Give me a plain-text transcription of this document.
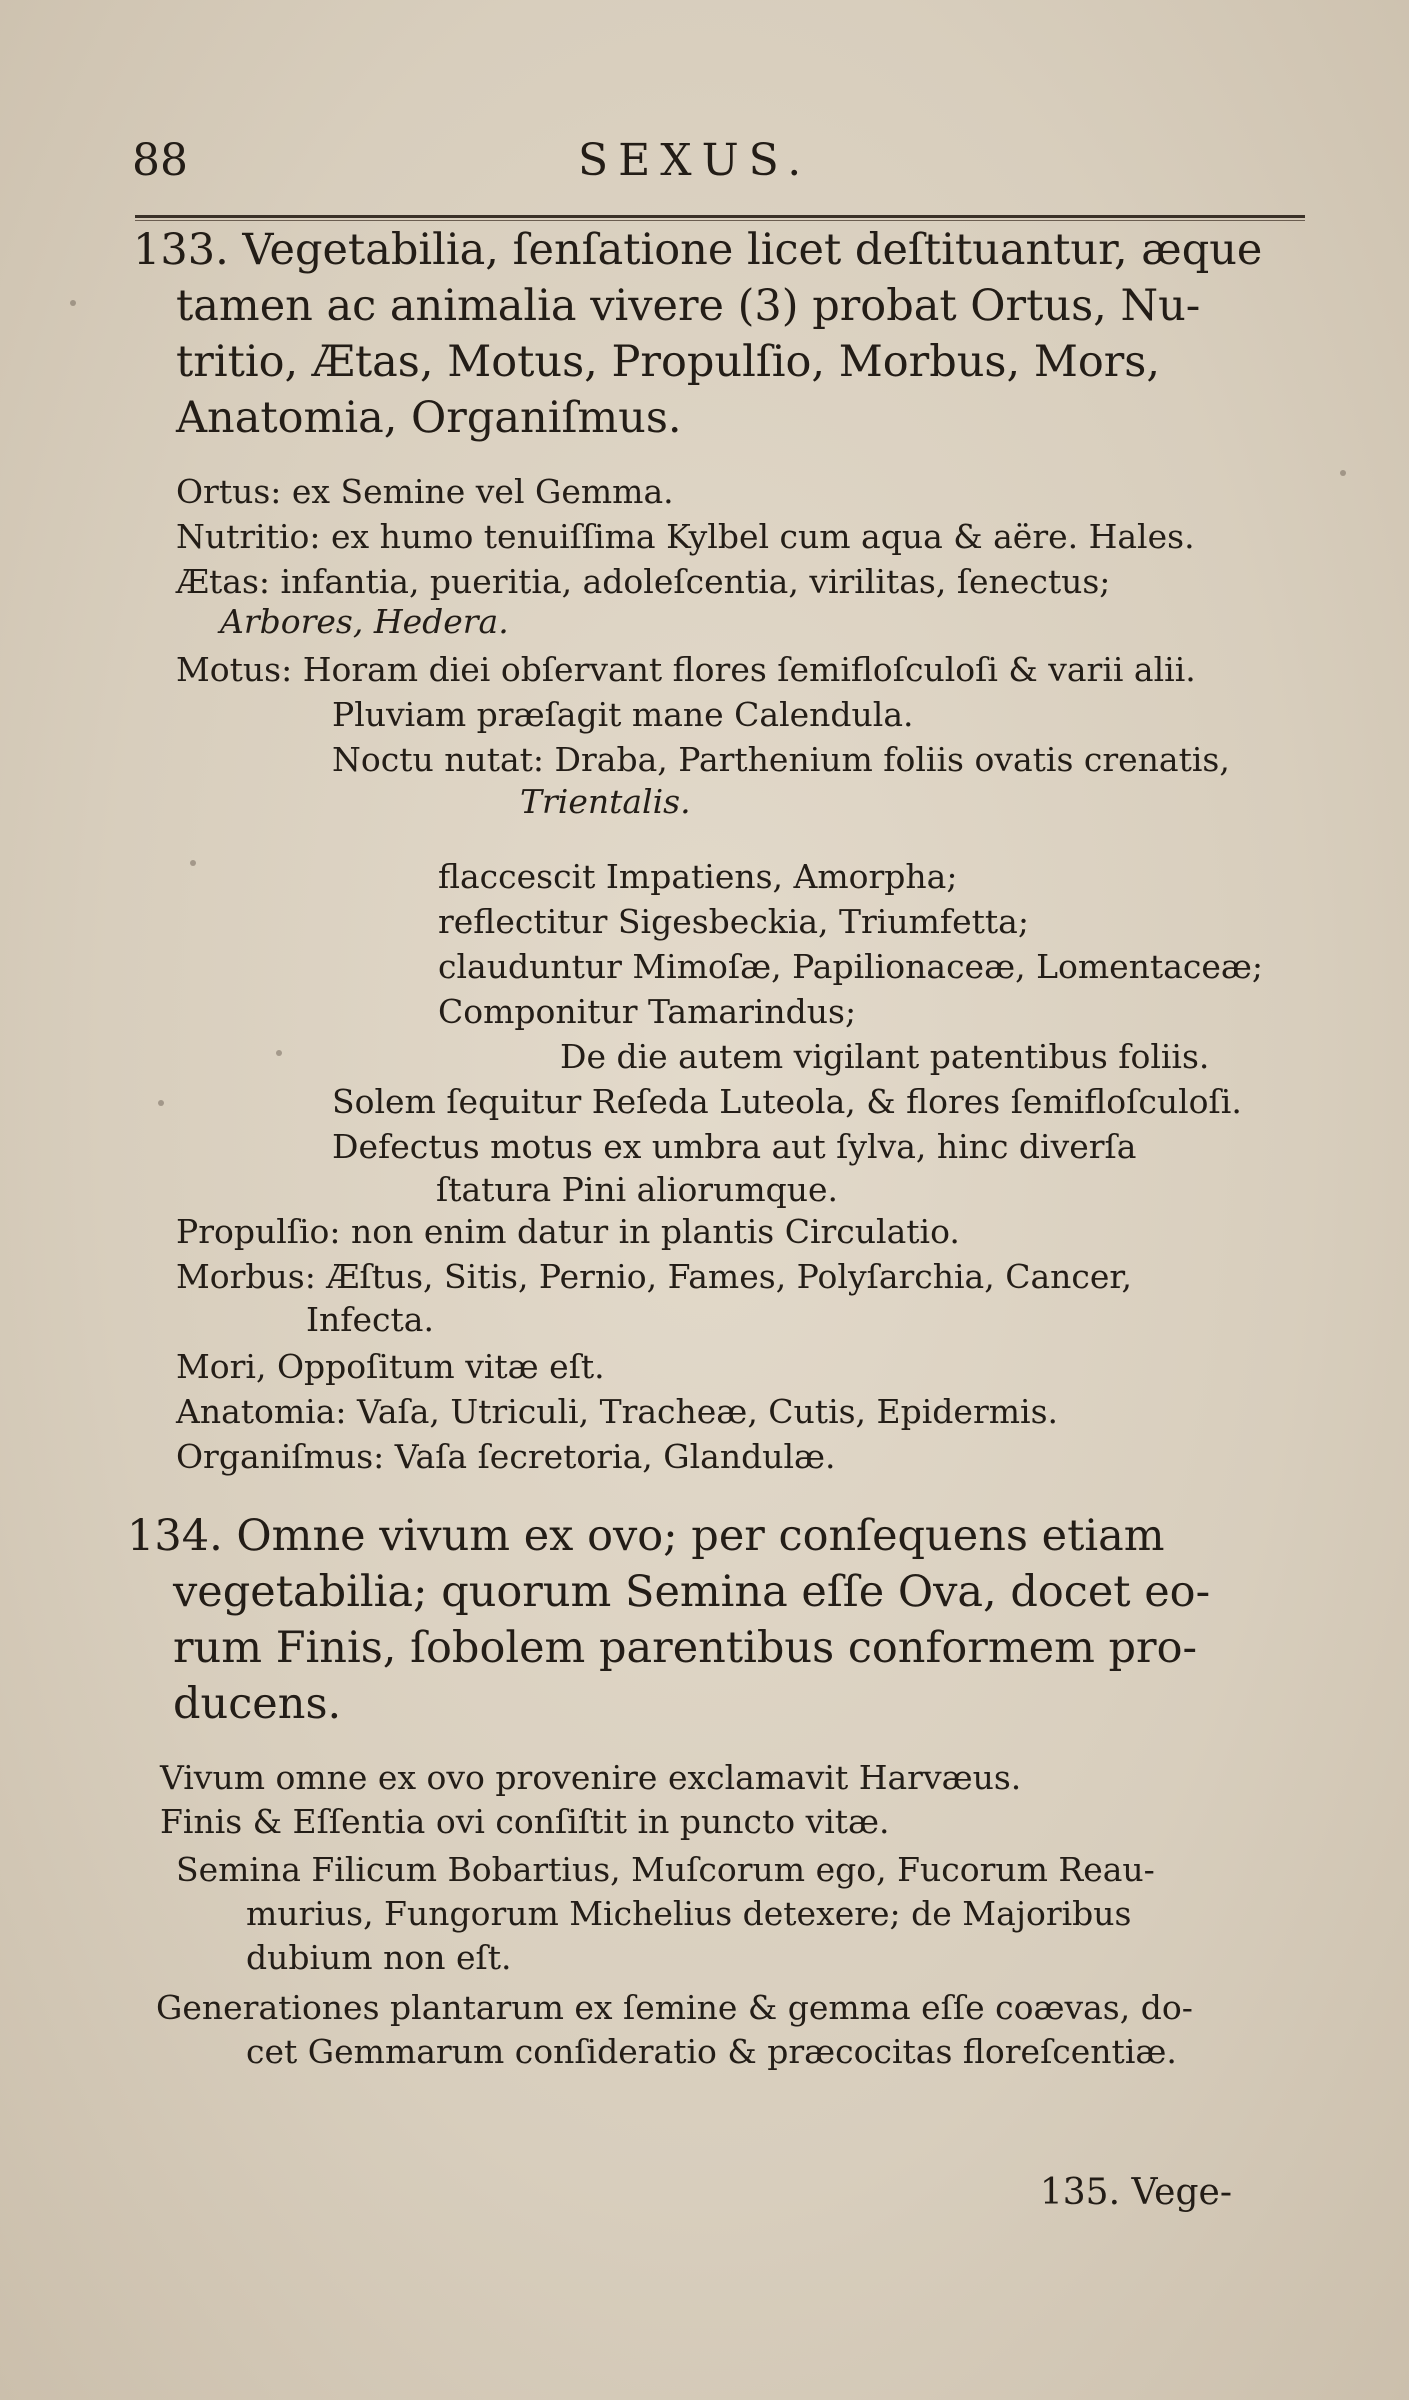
88	SEXUS.
133. Vegetabilia, ſenſatione licet deſtituantur, æque
tamen ac animalia vivere (3) probat Ortus, Nu-
tritio, Ætas, Motus, Propulſio, Morbus, Mors,
Anatomia, Organiſmus.
Ortus: ex Semine vel Gemma.
Nutritio: ex humo tenuiſſima Kylbel cum aqua & aëre. Hales.
Ætas: infantia, pueritia, adoleſcentia, virilitas, ſenectus;
Arbores, Hedera.
Motus: Horam diei obſervant flores ſemifloſculoſi & varii alii.
Pluviam præſagit mane Calendula.
Noctu nutat: Draba, Parthenium foliis ovatis crenatis,
Trientalis.
flaccescit Impatiens, Amorpha;
reflectitur Sigesbeckia, Triumfetta;
clauduntur Mimoſæ, Papilionaceæ, Lomentaceæ;
Componitur Tamarindus;
De die autem vigilant patentibus foliis.
Solem ſequitur Reſeda Luteola, & flores ſemifloſculoſi.
Defectus motus ex umbra aut ſylva, hinc diverſa
ſtatura Pini aliorumque.
Propulſio: non enim datur in plantis Circulatio.
Morbus: Æſtus, Sitis, Pernio, Fames, Polyſarchia, Cancer,
Infecta.
Mori, Oppoſitum vitæ eſt.
Anatomia: Vaſa, Utriculi, Tracheæ, Cutis, Epidermis.
Organiſmus: Vaſa ſecretoria, Glandulæ.
134. Omne vivum ex ovo; per conſequens etiam
vegetabilia; quorum Semina eſſe Ova, docet eo-
rum Finis, ſobolem parentibus conformem pro-
ducens.
Vivum omne ex ovo provenire exclamavit Harvæus.
Finis & Eſſentia ovi conſiſtit in puncto vitæ.
Semina Filicum Bobartius, Muſcorum ego, Fucorum Reau-
murius, Fungorum Michelius detexere; de Majoribus
dubium non eſt.
Generationes plantarum ex ſemine & gemma eſſe coævas, do-
cet Gemmarum conſideratio & præcocitas floreſcentiæ.
135. Vege-
